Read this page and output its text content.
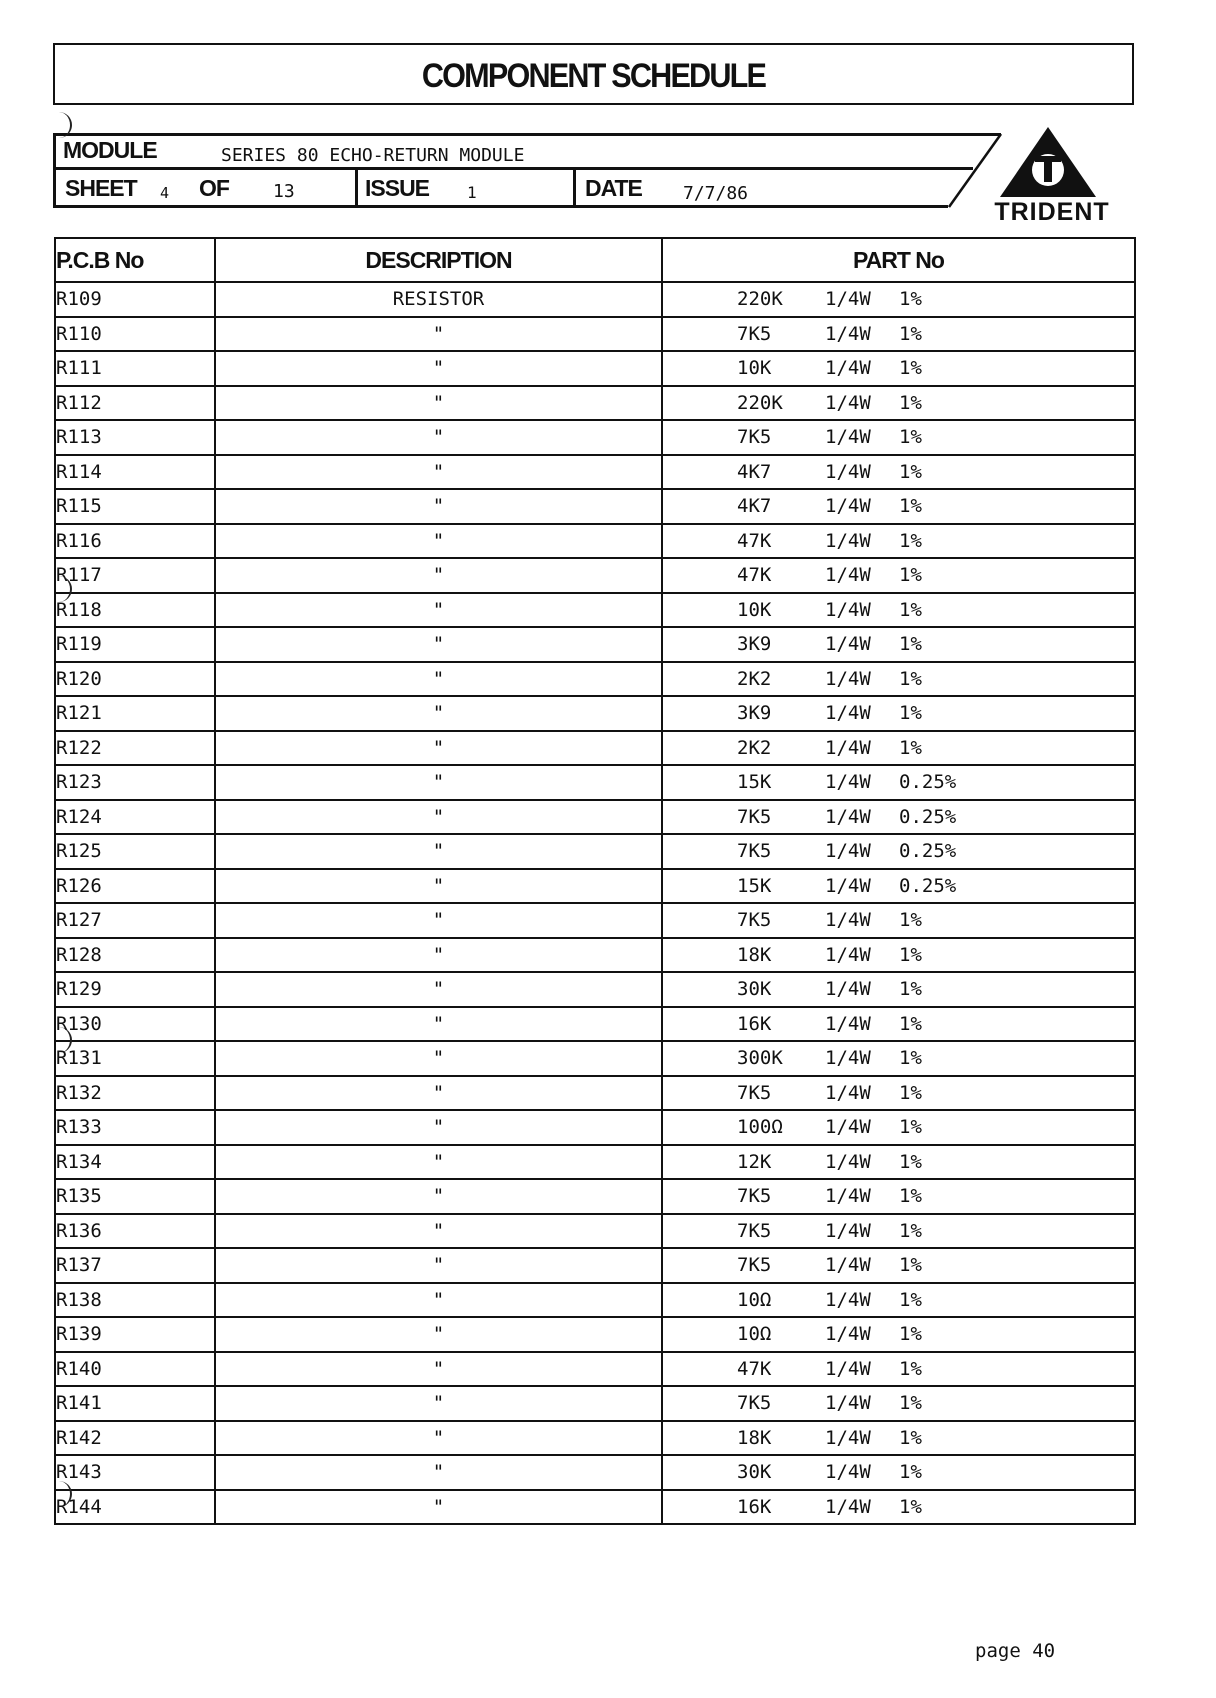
COMPONENT SCHEDULE
MODULE	SERIES 80 ECHO-RETURN MODULE
SHEET 4 OF 13	ISSUE 1	DATE 7/7/86
TRIDENT
P.C.B No	DESCRIPTION	PART No
R109	RESISTOR	220K 1/4W 1%
R110	"	7K5 1/4W 1%
R111	"	10K 1/4W 1%
R112	"	220K 1/4W 1%
R113	"	7K5 1/4W 1%
R114	"	4K7 1/4W 1%
R115	"	4K7 1/4W 1%
R116	"	47K 1/4W 1%
R117	"	47K 1/4W 1%
R118	"	10K 1/4W 1%
R119	"	3K9 1/4W 1%
R120	"	2K2 1/4W 1%
R121	"	3K9 1/4W 1%
R122	"	2K2 1/4W 1%
R123	"	15K 1/4W 0.25%
R124	"	7K5 1/4W 0.25%
R125	"	7K5 1/4W 0.25%
R126	"	15K 1/4W 0.25%
R127	"	7K5 1/4W 1%
R128	"	18K 1/4W 1%
R129	"	30K 1/4W 1%
R130	"	16K 1/4W 1%
R131	"	300K 1/4W 1%
R132	"	7K5 1/4W 1%
R133	"	100Ω 1/4W 1%
R134	"	12K 1/4W 1%
R135	"	7K5 1/4W 1%
R136	"	7K5 1/4W 1%
R137	"	7K5 1/4W 1%
R138	"	10Ω 1/4W 1%
R139	"	10Ω 1/4W 1%
R140	"	47K 1/4W 1%
R141	"	7K5 1/4W 1%
R142	"	18K 1/4W 1%
R143	"	30K 1/4W 1%
R144	"	16K 1/4W 1%
page 40
